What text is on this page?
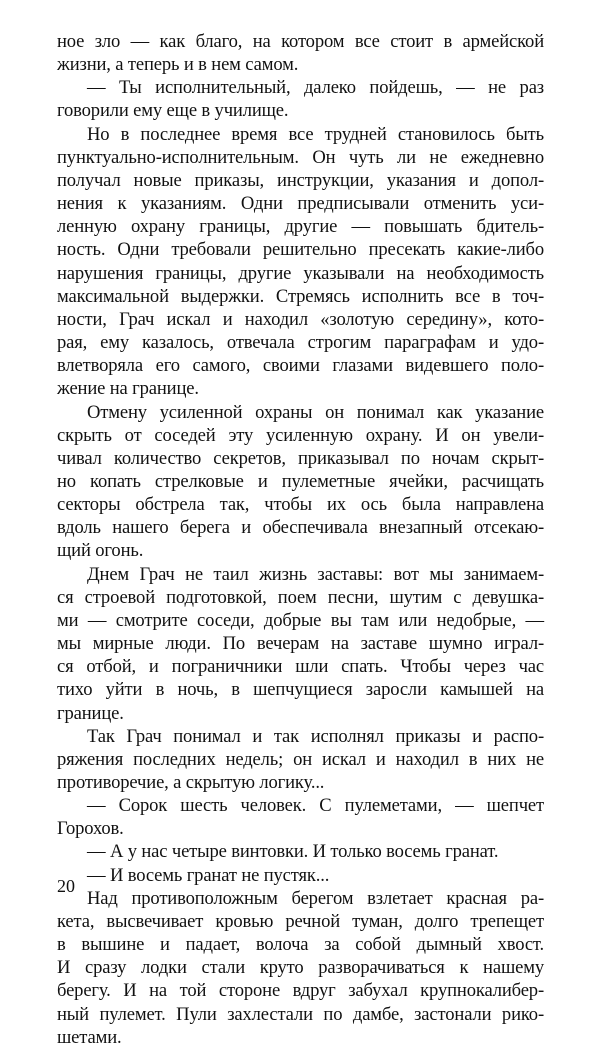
ное зло — как благо, на котором все стоит в армейской
жизни, а теперь и в нем самом.
— Ты исполнительный, далеко пойдешь, — не раз
говорили ему еще в училище.
Но в последнее время все трудней становилось быть
пунктуально-исполнительным. Он чуть ли не ежедневно
получал новые приказы, инструкции, указания и допол-
нения к указаниям. Одни предписывали отменить уси-
ленную охрану границы, другие — повышать бдитель-
ность. Одни требовали решительно пресекать какие-либо
нарушения границы, другие указывали на необходимость
максимальной выдержки. Стремясь исполнить все в точ-
ности, Грач искал и находил «золотую середину», кото-
рая, ему казалось, отвечала строгим параграфам и удо-
влетворяла его самого, своими глазами видевшего поло-
жение на границе.
Отмену усиленной охраны он понимал как указание
скрыть от соседей эту усиленную охрану. И он увели-
чивал количество секретов, приказывал по ночам скрыт-
но копать стрелковые и пулеметные ячейки, расчищать
секторы обстрела так, чтобы их ось была направлена
вдоль нашего берега и обеспечивала внезапный отсекаю-
щий огонь.
Днем Грач не таил жизнь заставы: вот мы занимаем-
ся строевой подготовкой, поем песни, шутим с девушка-
ми — смотрите соседи, добрые вы там или недобрые, —
мы мирные люди. По вечерам на заставе шумно играл-
ся отбой, и пограничники шли спать. Чтобы через час
тихо уйти в ночь, в шепчущиеся заросли камышей на
границе.
Так Грач понимал и так исполнял приказы и распо-
ряжения последних недель; он искал и находил в них не
противоречие, а скрытую логику...
— Сорок шесть человек. С пулеметами, — шепчет
Горохов.
— А у нас четыре винтовки. И только восемь гранат.
— И восемь гранат не пустяк...
Над противоположным берегом взлетает красная ра-
кета, высвечивает кровью речной туман, долго трепещет
в вышине и падает, волоча за собой дымный хвост.
И сразу лодки стали круто разворачиваться к нашему
берегу. И на той стороне вдруг забухал крупнокалибер-
ный пулемет. Пули захлестали по дамбе, застонали рико-
шетами.
20
